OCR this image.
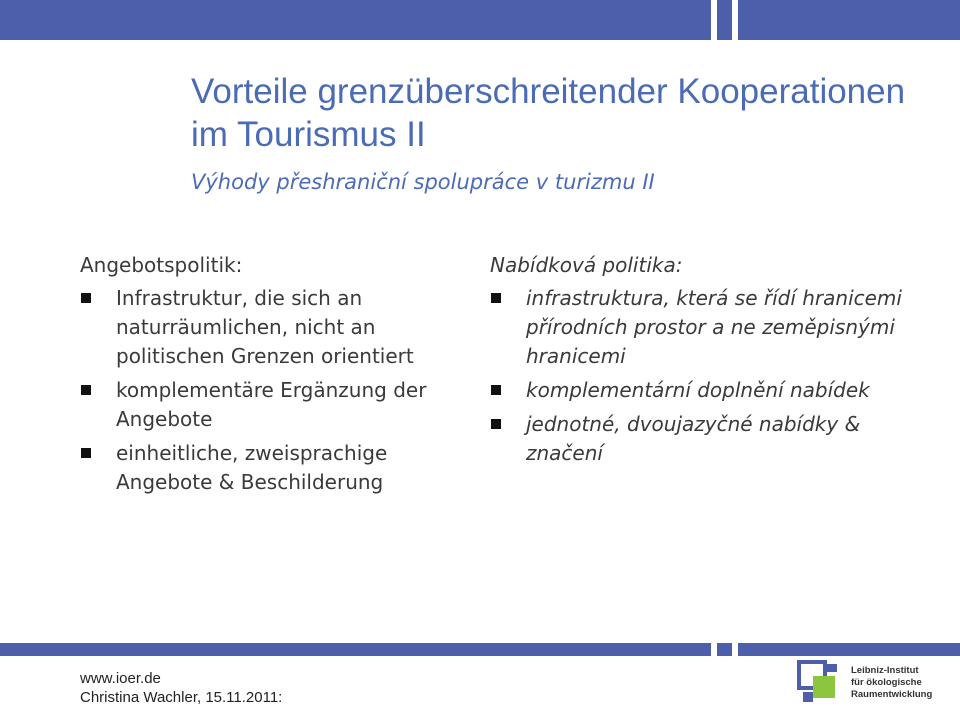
Vorteile grenzüberschreitender Kooperationen im Tourismus II
Výhody přeshraniční spolupráce v turizmu II
Angebotspolitik:
Infrastruktur, die sich an naturräumlichen, nicht an politischen Grenzen orientiert
komplementäre Ergänzung der Angebote
einheitliche, zweisprachige Angebote & Beschilderung
Nabídková politika:
infrastruktura, která se řídí hranicemi přírodních prostor a ne zeměpisnými hranicemi
komplementární doplnění nabídek
jednotné, dvoujazyčné nabídky & značení
www.ioer.de
Christina Wachler, 15.11.2011:
Leibniz-Institut
für ökologische
Raumentwicklung
